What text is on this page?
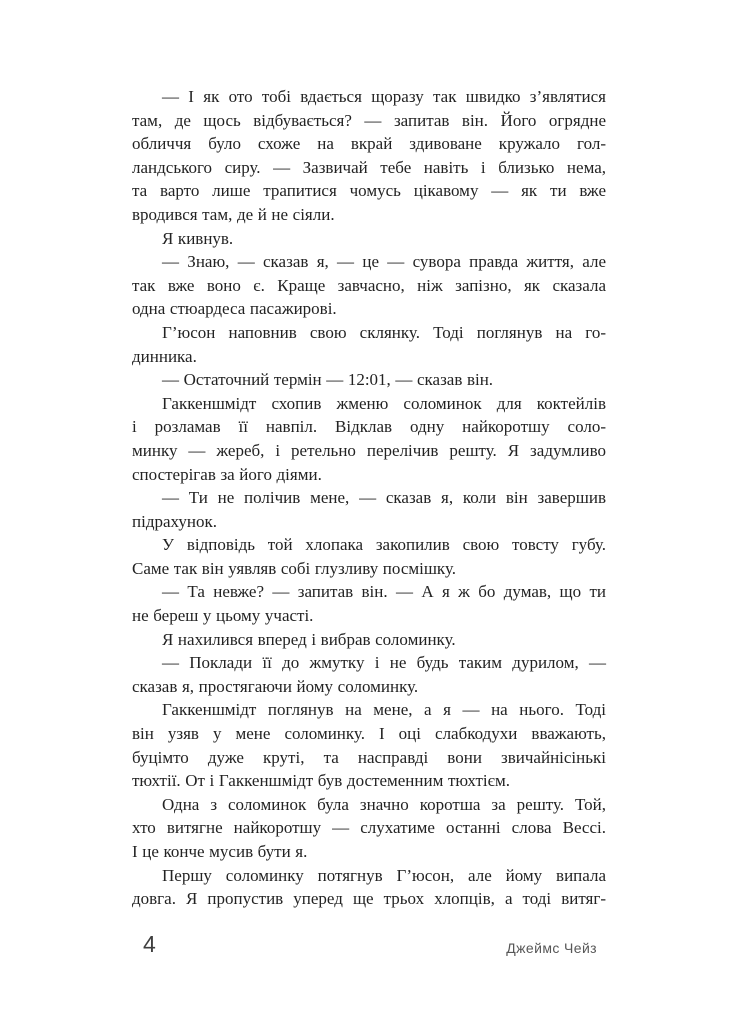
— І як ото тобі вдається щоразу так швидко з’являтися
там, де щось відбувається? — запитав він. Його огрядне
обличчя було схоже на вкрай здивоване кружало гол-
ландського сиру. — Зазвичай тебе навіть і близько нема,
та варто лише трапитися чомусь цікавому — як ти вже
вродився там, де й не сіяли.
Я кивнув.
— Знаю, — сказав я, — це — сувора правда життя, але
так вже воно є. Краще завчасно, ніж запізно, як сказала
одна стюардеса пасажирові.
Г’юсон наповнив свою склянку. Тоді поглянув на го-
динника.
— Остаточний термін — 12:01, — сказав він.
Гаккеншмідт схопив жменю соломинок для коктейлів
і розламав її навпіл. Відклав одну найкоротшу соло-
минку — жереб, і ретельно перелічив решту. Я задумливо
спостерігав за його діями.
— Ти не полічив мене, — сказав я, коли він завершив
підрахунок.
У відповідь той хлопака закопилив свою товсту губу.
Саме так він уявляв собі глузливу посмішку.
— Та невже? — запитав він. — А я ж бо думав, що ти
не береш у цьому участі.
Я нахилився вперед і вибрав соломинку.
— Поклади її до жмутку і не будь таким дурилом, —
сказав я, простягаючи йому соломинку.
Гаккеншмідт поглянув на мене, а я — на нього. Тоді
він узяв у мене соломинку. І оці слабкодухи вважають,
буцімто дуже круті, та насправді вони звичайнісінькі
тюхтії. От і Гаккеншмідт був достеменним тюхтієм.
Одна з соломинок була значно коротша за решту. Той,
хто витягне найкоротшу — слухатиме останні слова Вессі.
І це конче мусив бути я.
Першу соломинку потягнув Г’юсон, але йому випала
довга. Я пропустив уперед ще трьох хлопців, а тоді витяг-
4	Джеймс Чейз
